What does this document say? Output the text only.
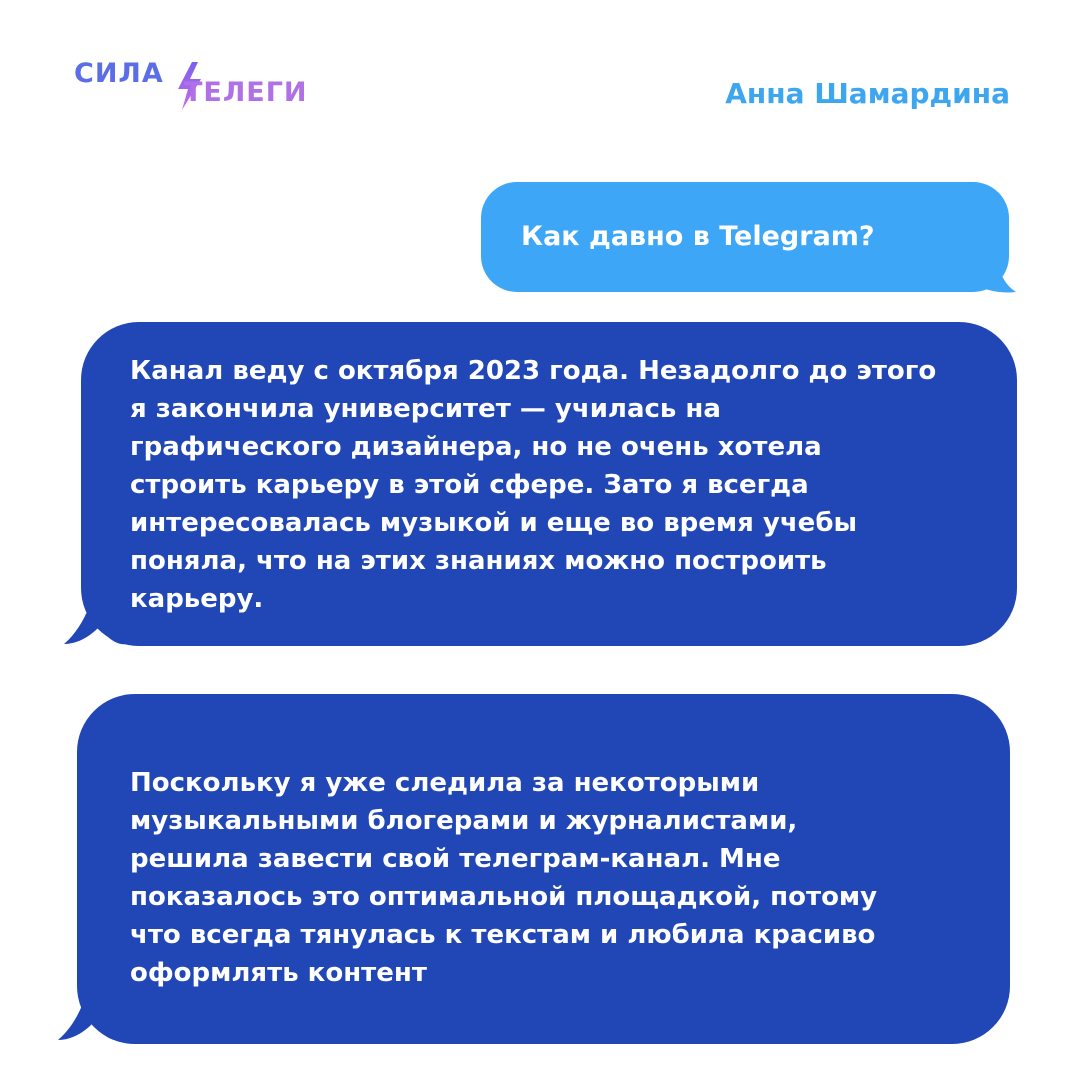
СИЛА
ТЕЛЕГИ	Анна Шамардина
Как давно в Telegram?
Канал веду с октября 2023 года. Незадолго до этого
я закончила университет — училась на
графического дизайнера, но не очень хотела
строить карьеру в этой сфере. Зато я всегда
интересовалась музыкой и еще во время учебы
поняла, что на этих знаниях можно построить
карьеру.
Поскольку я уже следила за некоторыми
музыкальными блогерами и журналистами,
решила завести свой телеграм-канал. Мне
показалось это оптимальной площадкой, потому
что всегда тянулась к текстам и любила красиво
оформлять контент
